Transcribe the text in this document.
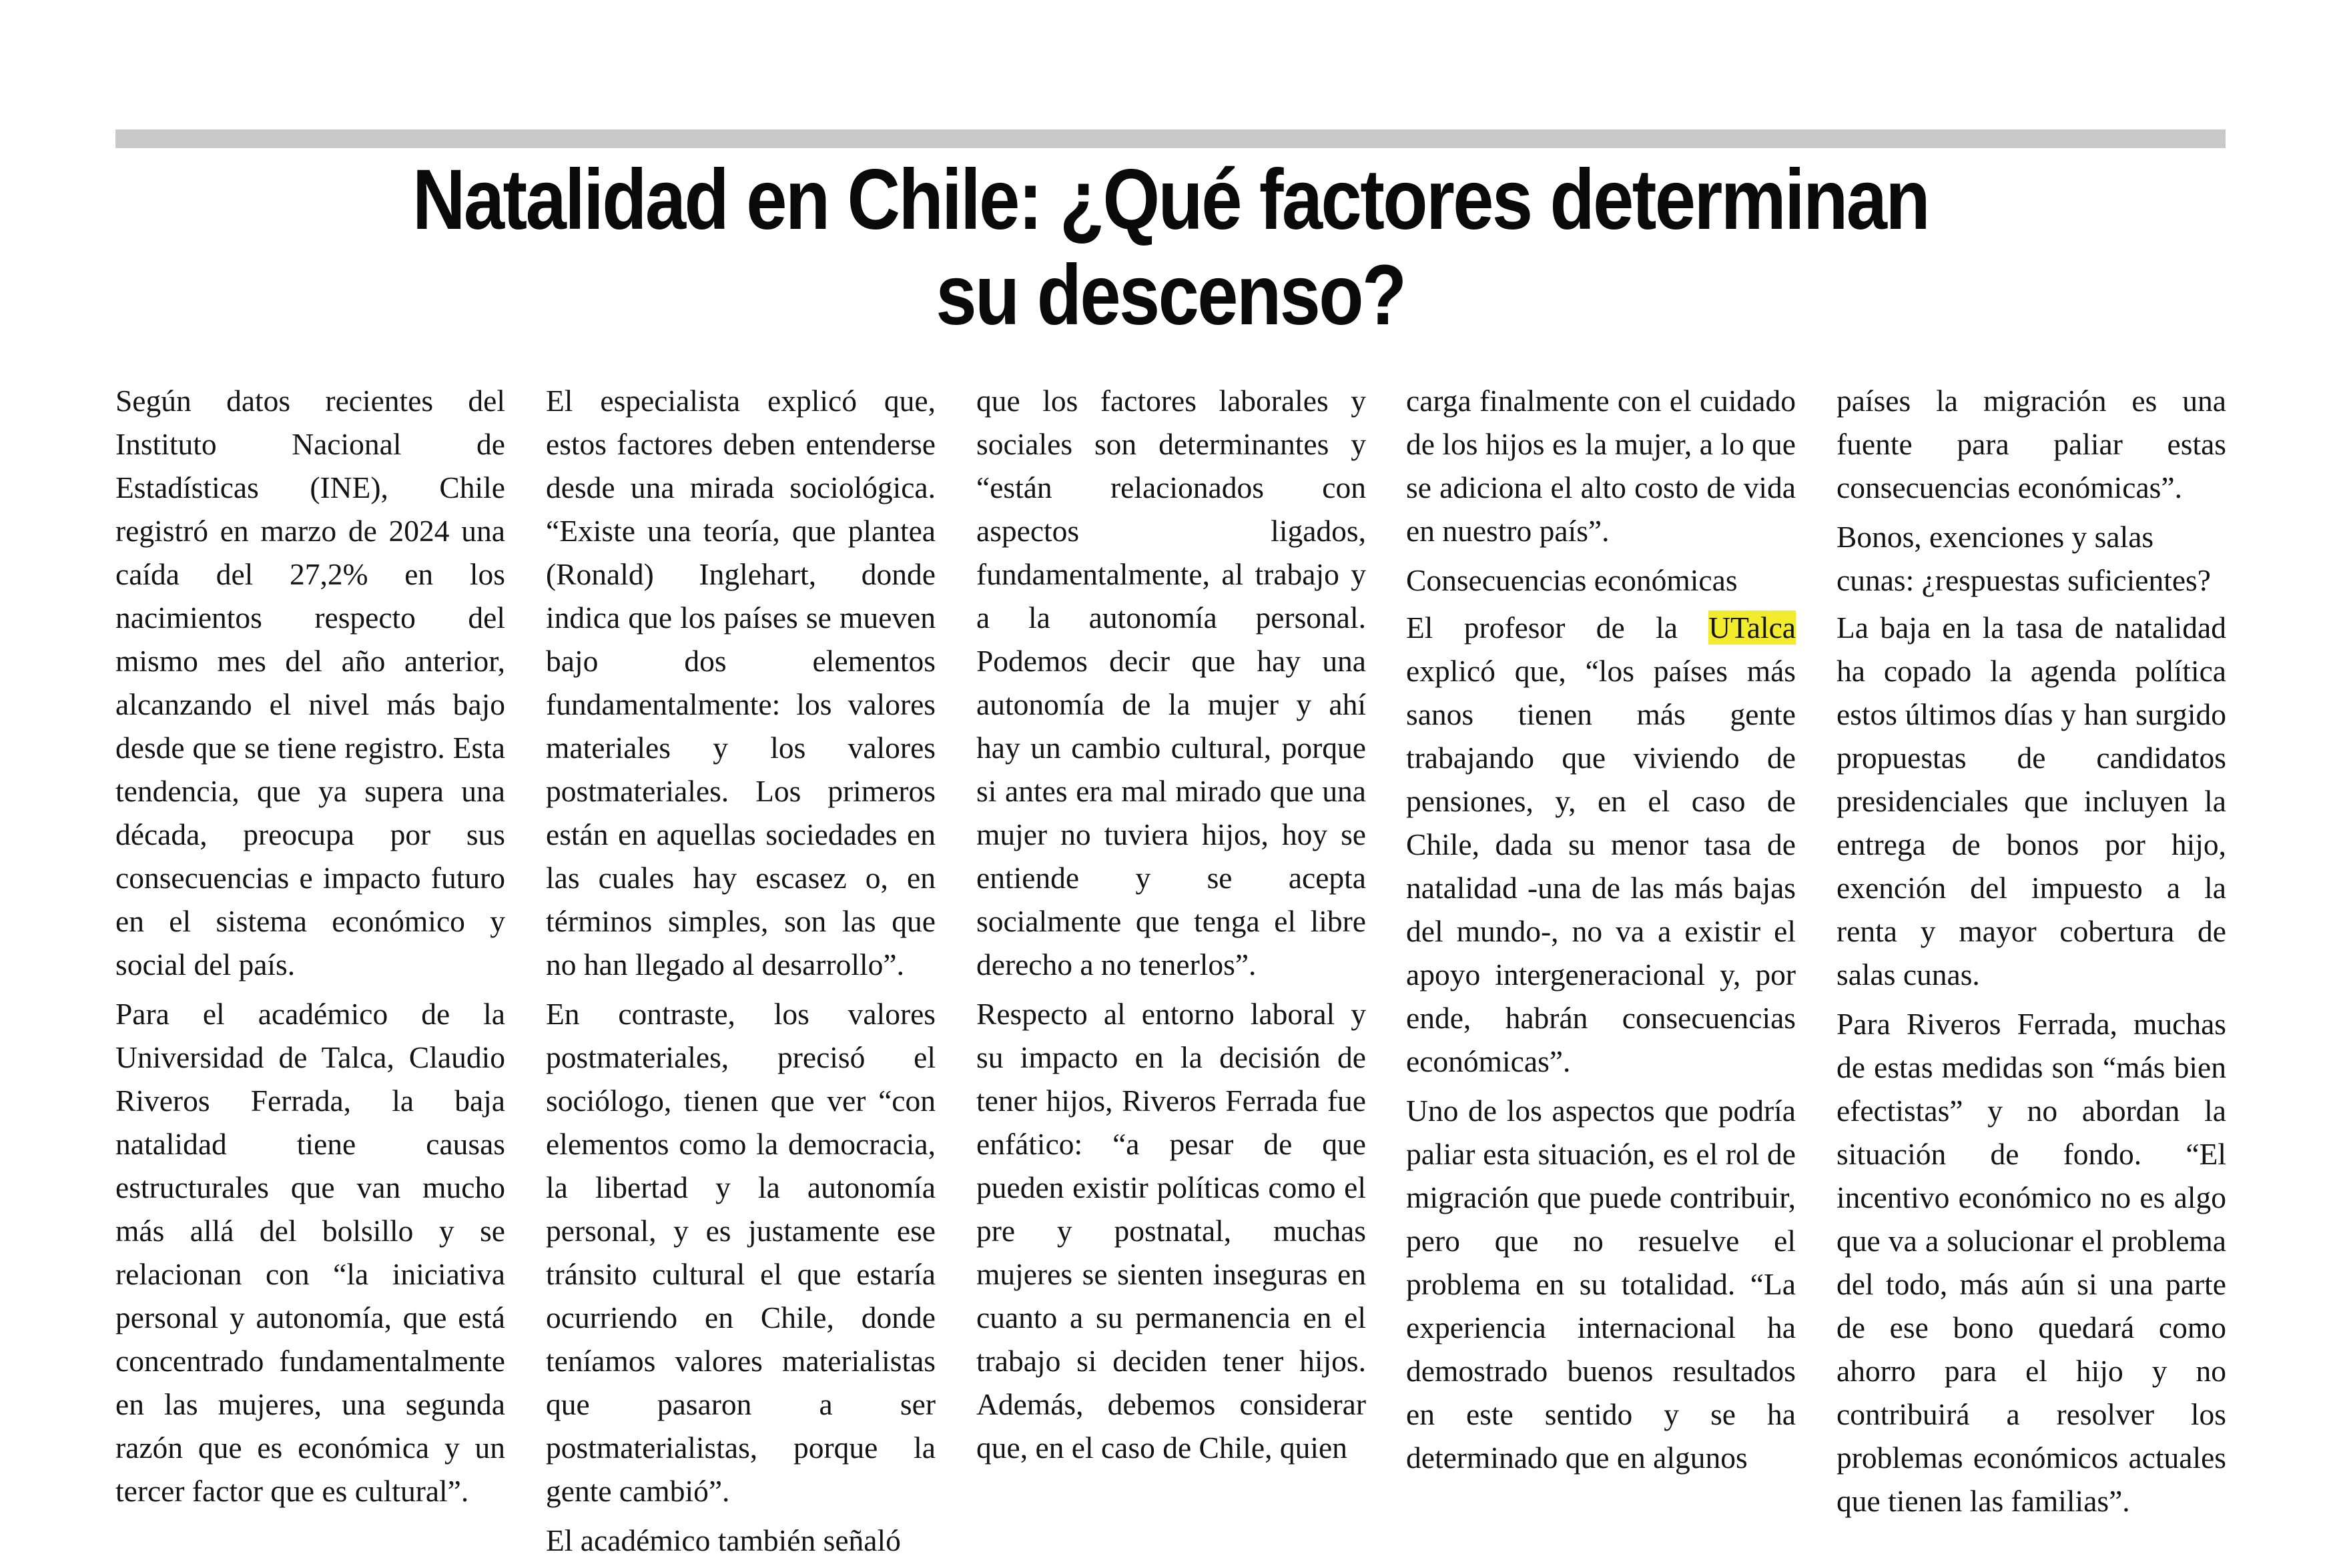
Natalidad en Chile: ¿Qué factores determinan
su descenso?

Según datos recientes del Instituto Nacional de Estadísticas (INE), Chile registró en marzo de 2024 una caída del 27,2% en los nacimientos respecto del mismo mes del año anterior, alcanzando el nivel más bajo desde que se tiene registro. Esta tendencia, que ya supera una década, preocupa por sus consecuencias e impacto futuro en el sistema económico y social del país.

Para el académico de la Universidad de Talca, Claudio Riveros Ferrada, la baja natalidad tiene causas estructurales que van mucho más allá del bolsillo y se relacionan con “la iniciativa personal y autonomía, que está concentrado fundamentalmente en las mujeres, una segunda razón que es económica y un tercer factor que es cultural”.

El especialista explicó que, estos factores deben entenderse desde una mirada sociológica. “Existe una teoría, que plantea (Ronald) Inglehart, donde indica que los países se mueven bajo dos elementos fundamentalmente: los valores materiales y los valores postmateriales. Los primeros están en aquellas sociedades en las cuales hay escasez o, en términos simples, son las que no han llegado al desarrollo”.

En contraste, los valores postmateriales, precisó el sociólogo, tienen que ver “con elementos como la democracia, la libertad y la autonomía personal, y es justamente ese tránsito cultural el que estaría ocurriendo en Chile, donde teníamos valores materialistas que pasaron a ser postmaterialistas, porque la gente cambió”.

El académico también señaló

que los factores laborales y sociales son determinantes y “están relacionados con aspectos ligados, fundamentalmente, al trabajo y a la autonomía personal. Podemos decir que hay una autonomía de la mujer y ahí hay un cambio cultural, porque si antes era mal mirado que una mujer no tuviera hijos, hoy se entiende y se acepta socialmente que tenga el libre derecho a no tenerlos”.

Respecto al entorno laboral y su impacto en la decisión de tener hijos, Riveros Ferrada fue enfático: “a pesar de que pueden existir políticas como el pre y postnatal, muchas mujeres se sienten inseguras en cuanto a su permanencia en el trabajo si deciden tener hijos. Además, debemos considerar que, en el caso de Chile, quien

carga finalmente con el cuidado de los hijos es la mujer, a lo que se adiciona el alto costo de vida en nuestro país”.

Consecuencias económicas

El profesor de la UTalca explicó que, “los países más sanos tienen más gente trabajando que viviendo de pensiones, y, en el caso de Chile, dada su menor tasa de natalidad -una de las más bajas del mundo-, no va a existir el apoyo intergeneracional y, por ende, habrán consecuencias económicas”.

Uno de los aspectos que podría paliar esta situación, es el rol de migración que puede contribuir, pero que no resuelve el problema en su totalidad. “La experiencia internacional ha demostrado buenos resultados en este sentido y se ha determinado que en algunos

países la migración es una fuente para paliar estas consecuencias económicas”.

Bonos, exenciones y salas cunas: ¿respuestas suficientes?

La baja en la tasa de natalidad ha copado la agenda política estos últimos días y han surgido propuestas de candidatos presidenciales que incluyen la entrega de bonos por hijo, exención del impuesto a la renta y mayor cobertura de salas cunas.

Para Riveros Ferrada, muchas de estas medidas son “más bien efectistas” y no abordan la situación de fondo. “El incentivo económico no es algo que va a solucionar el problema del todo, más aún si una parte de ese bono quedará como ahorro para el hijo y no contribuirá a resolver los problemas económicos actuales que tienen las familias”.
